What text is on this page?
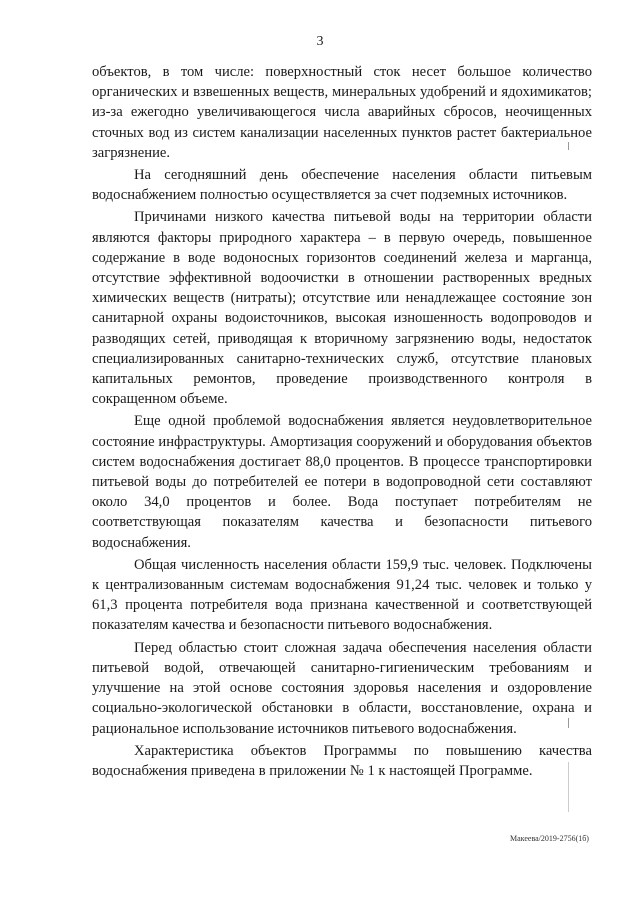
3

объектов, в том числе: поверхностный сток несет большое количество органических и взвешенных веществ, минеральных удобрений и ядохимикатов; из-за ежегодно увеличивающегося числа аварийных сбросов, неочищенных сточных вод из систем канализации населенных пунктов растет бактериальное загрязнение.

На сегодняшний день обеспечение населения области питьевым водоснабжением полностью осуществляется за счет подземных источников.

Причинами низкого качества питьевой воды на территории области являются факторы природного характера – в первую очередь, повышенное содержание в воде водоносных горизонтов соединений железа и марганца, отсутствие эффективной водоочистки в отношении растворенных вредных химических веществ (нитраты); отсутствие или ненадлежащее состояние зон санитарной охраны водоисточников, высокая изношенность водопроводов и разводящих сетей, приводящая к вторичному загрязнению воды, недостаток специализированных санитарно-технических служб, отсутствие плановых капитальных ремонтов, проведение производственного контроля в сокращенном объеме.

Еще одной проблемой водоснабжения является неудовлетворительное состояние инфраструктуры. Амортизация сооружений и оборудования объектов систем водоснабжения достигает 88,0 процентов. В процессе транспортировки питьевой воды до потребителей ее потери в водопроводной сети составляют около 34,0 процентов и более. Вода поступает потребителям не соответствующая показателям качества и безопасности питьевого водоснабжения.

Общая численность населения области 159,9 тыс. человек. Подключены к централизованным системам водоснабжения 91,24 тыс. человек и только у 61,3 процента потребителя вода признана качественной и соответствующей показателям качества и безопасности питьевого водоснабжения.

Перед областью стоит сложная задача обеспечения населения области питьевой водой, отвечающей санитарно-гигиеническим требованиям и улучшение на этой основе состояния здоровья населения и оздоровление социально-экологической обстановки в области, восстановление, охрана и рациональное использование источников питьевого водоснабжения.

Характеристика объектов Программы по повышению качества водоснабжения приведена в приложении № 1 к настоящей Программе.

Макеева/2019-2756(1б)
